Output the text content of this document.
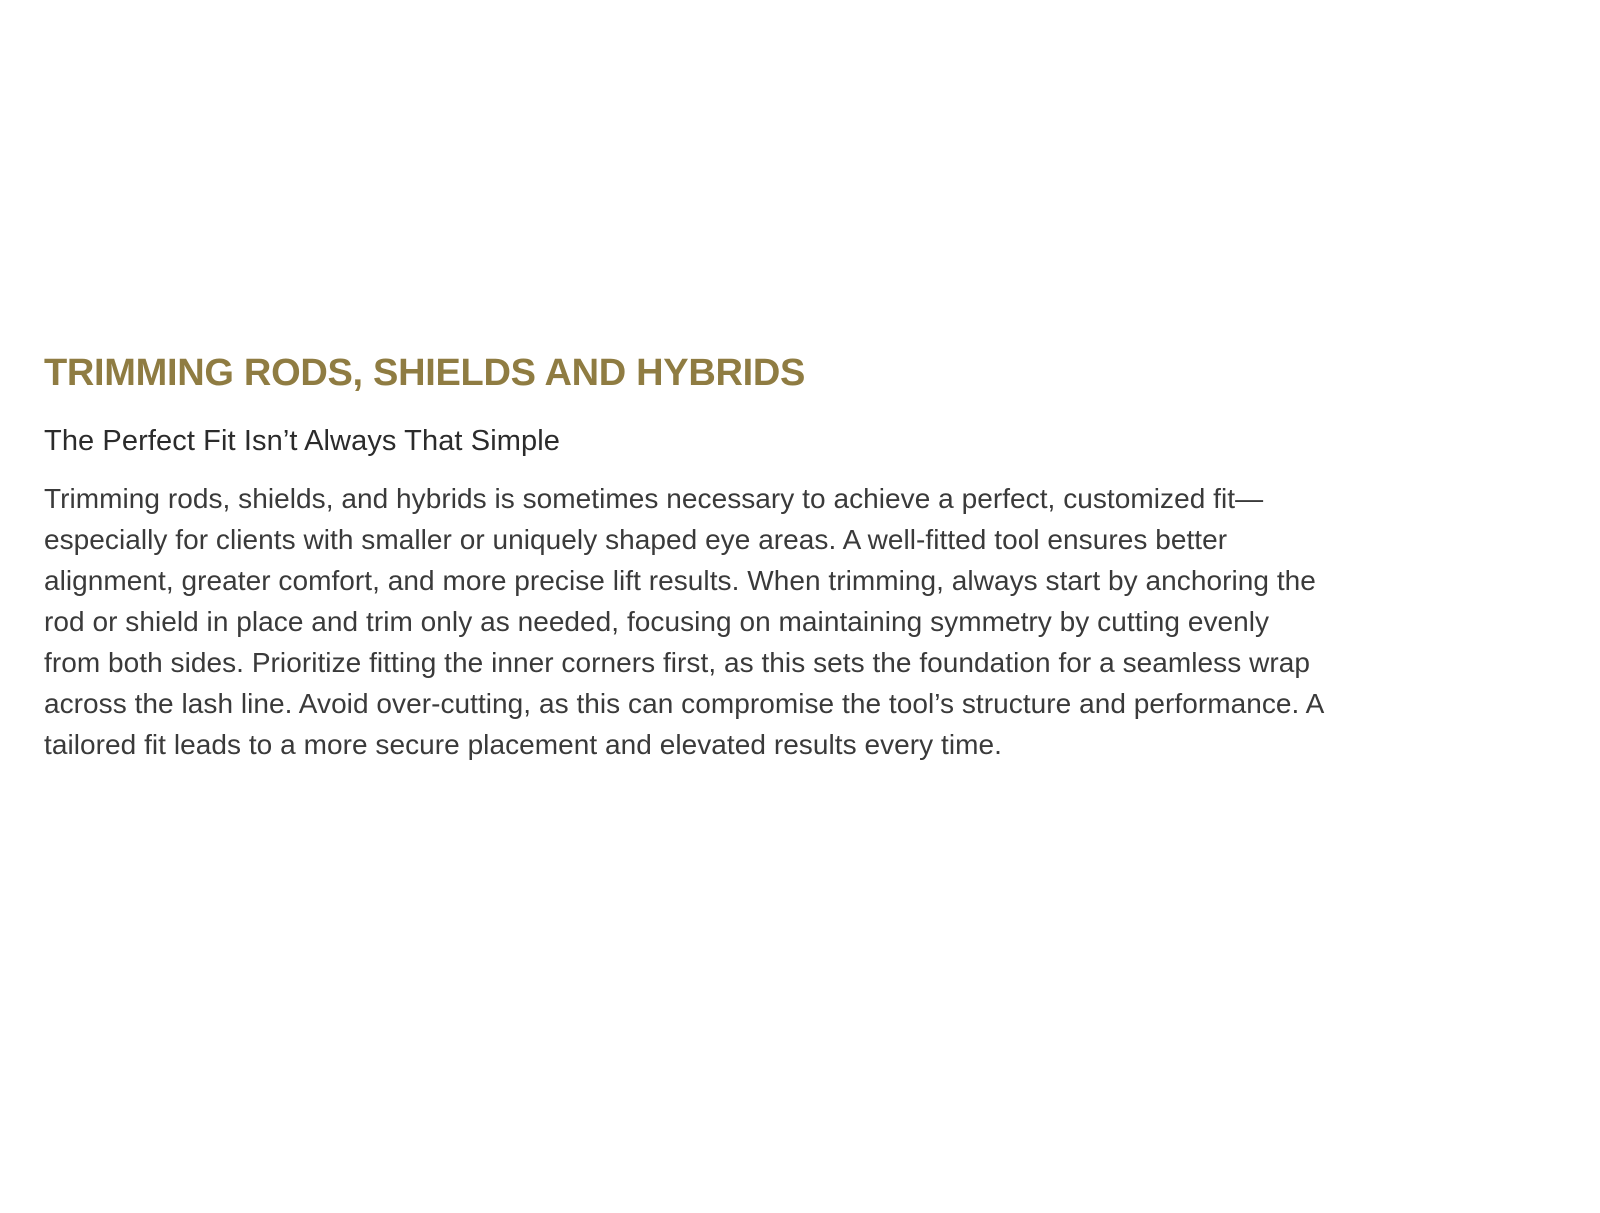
TRIMMING RODS, SHIELDS AND HYBRIDS
The Perfect Fit Isn’t Always That Simple

Trimming rods, shields, and hybrids is sometimes necessary to achieve a perfect, customized fit—
especially for clients with smaller or uniquely shaped eye areas. A well-fitted tool ensures better
alignment, greater comfort, and more precise lift results. When trimming, always start by anchoring the
rod or shield in place and trim only as needed, focusing on maintaining symmetry by cutting evenly
from both sides. Prioritize fitting the inner corners first, as this sets the foundation for a seamless wrap
across the lash line. Avoid over-cutting, as this can compromise the tool’s structure and performance. A
tailored fit leads to a more secure placement and elevated results every time.
